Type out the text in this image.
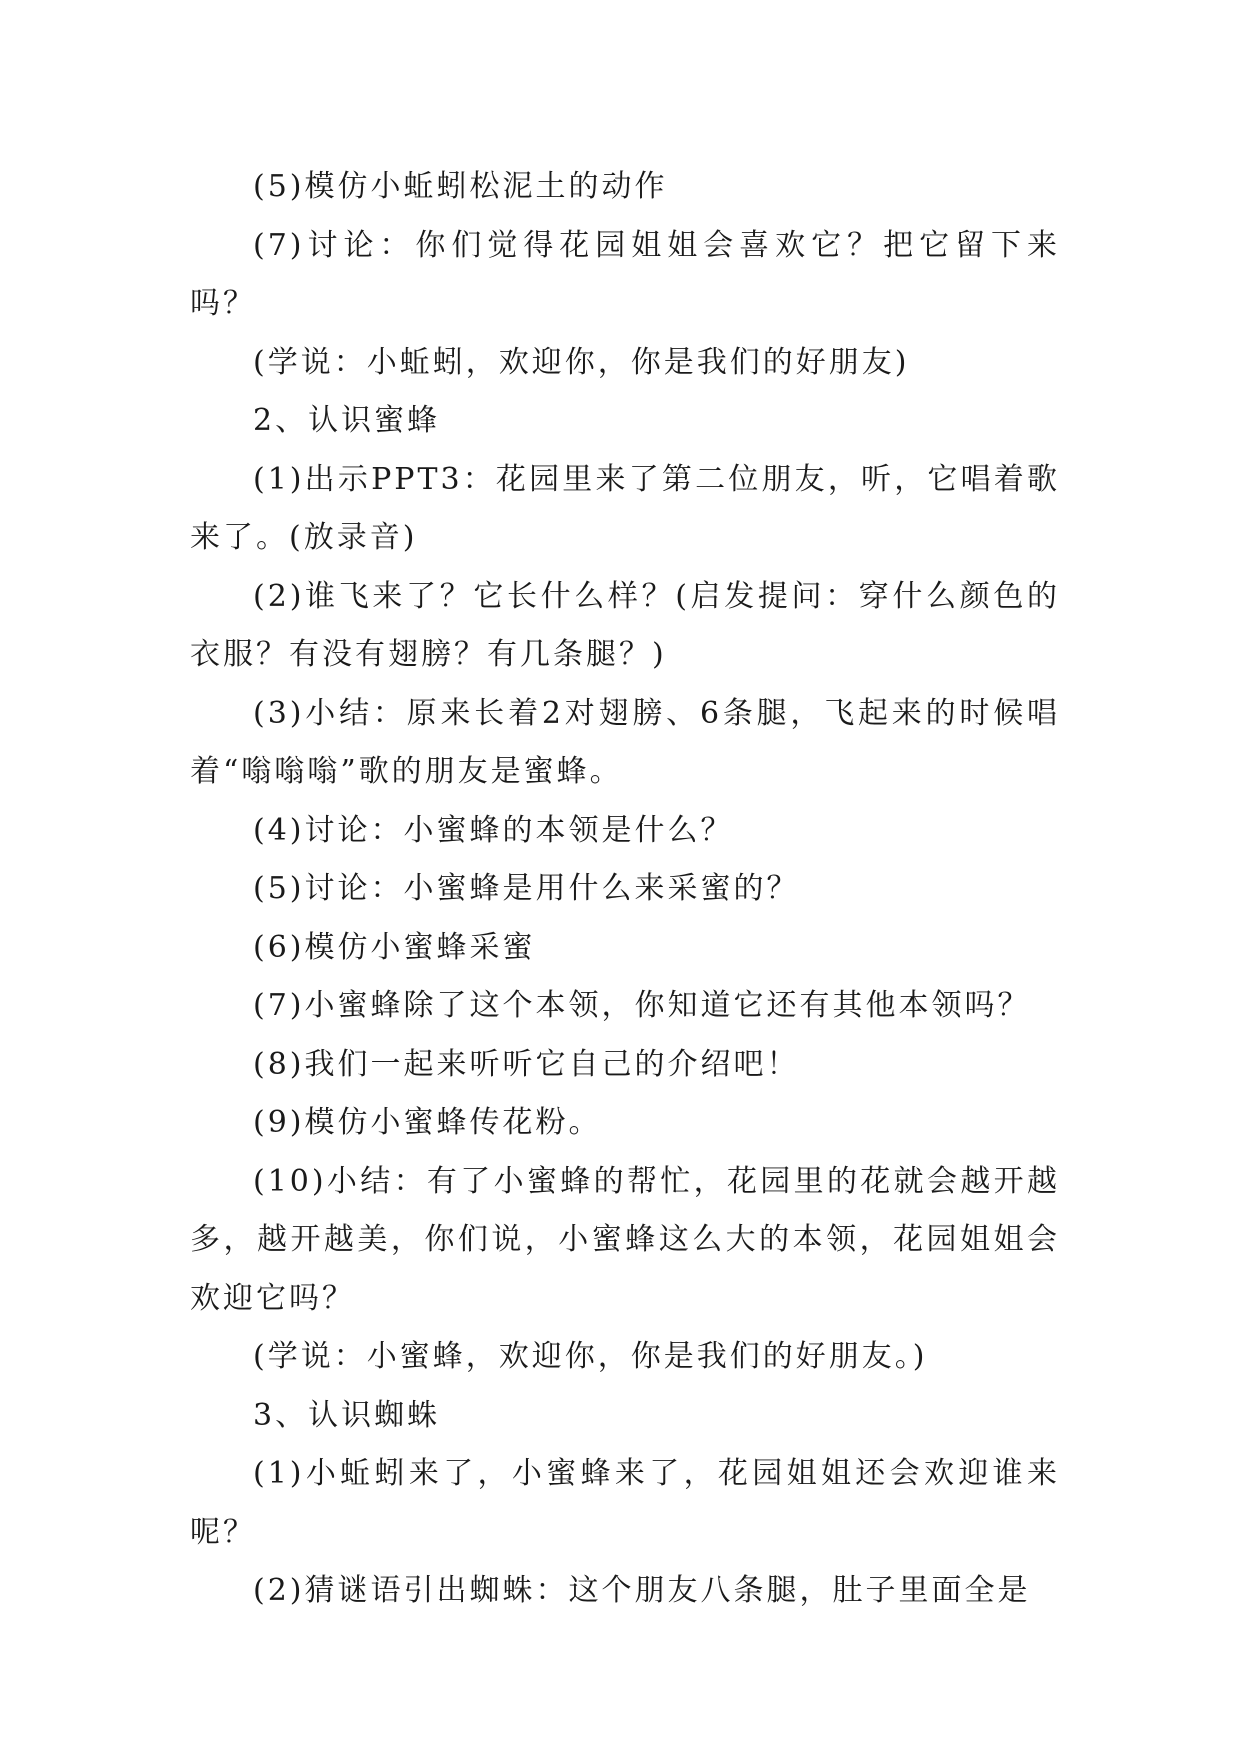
(5)模仿小蚯蚓松泥土的动作

(7)讨论：你们觉得花园姐姐会喜欢它？把它留下来吗？

(学说：小蚯蚓，欢迎你，你是我们的好朋友)

2、认识蜜蜂

(1)出示PPT3：花园里来了第二位朋友，听，它唱着歌来了。(放录音)

(2)谁飞来了？它长什么样？(启发提问：穿什么颜色的衣服？有没有翅膀？有几条腿？)

(3)小结：原来长着2对翅膀、6条腿，飞起来的时候唱着“嗡嗡嗡”歌的朋友是蜜蜂。

(4)讨论：小蜜蜂的本领是什么？

(5)讨论：小蜜蜂是用什么来采蜜的？

(6)模仿小蜜蜂采蜜

(7)小蜜蜂除了这个本领，你知道它还有其他本领吗？

(8)我们一起来听听它自己的介绍吧！

(9)模仿小蜜蜂传花粉。

(10)小结：有了小蜜蜂的帮忙，花园里的花就会越开越多，越开越美，你们说，小蜜蜂这么大的本领，花园姐姐会欢迎它吗？

(学说：小蜜蜂，欢迎你，你是我们的好朋友。)

3、认识蜘蛛

(1)小蚯蚓来了，小蜜蜂来了，花园姐姐还会欢迎谁来呢？

(2)猜谜语引出蜘蛛：这个朋友八条腿，肚子里面全是
